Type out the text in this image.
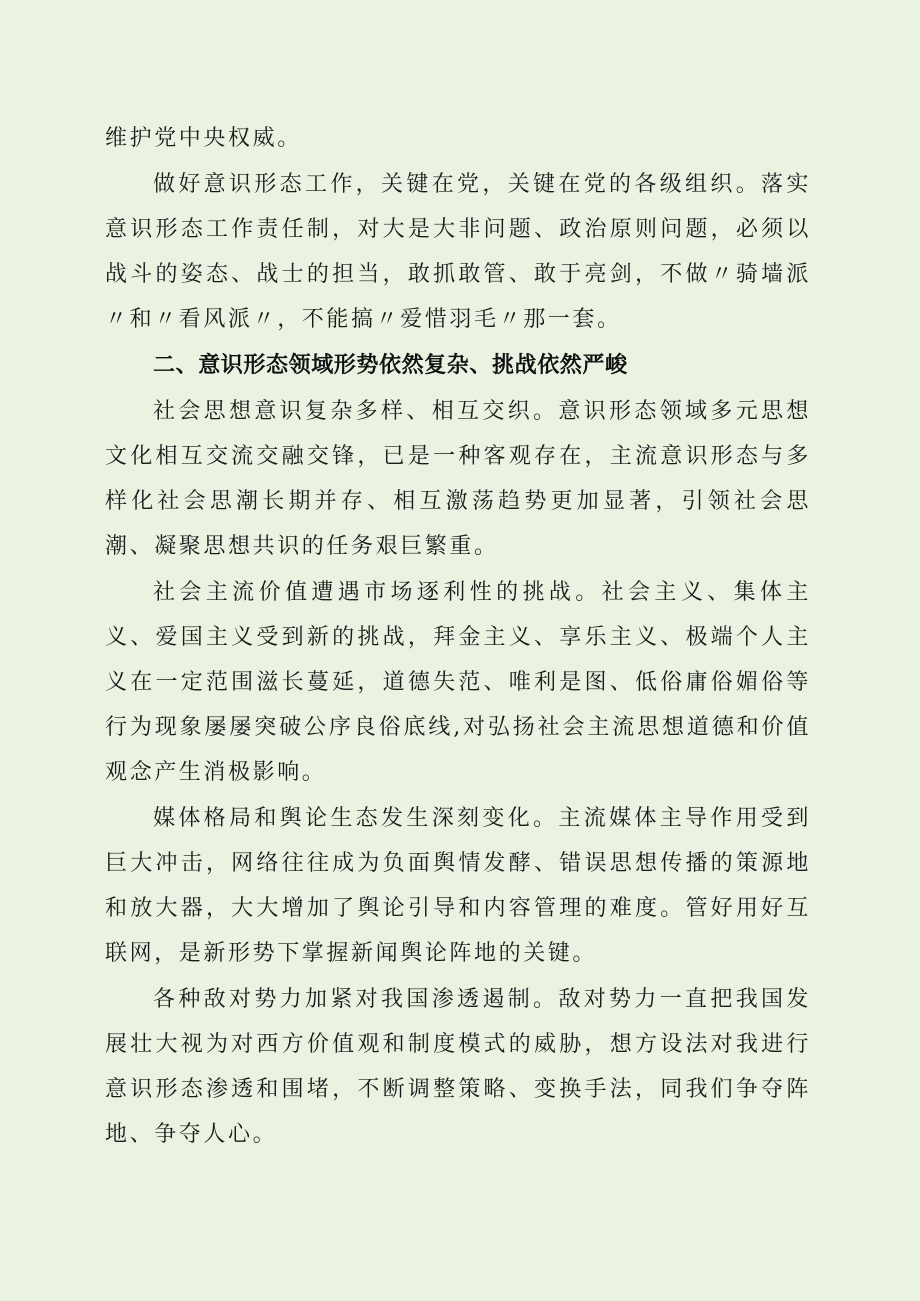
维护党中央权威。

做好意识形态工作，关键在党，关键在党的各级组织。落实意识形态工作责任制，对大是大非问题、政治原则问题，必须以战斗的姿态、战士的担当，敢抓敢管、敢于亮剑，不做〃骑墙派〃和〃看风派〃，不能搞〃爱惜羽毛〃那一套。

二、意识形态领域形势依然复杂、挑战依然严峻

社会思想意识复杂多样、相互交织。意识形态领域多元思想文化相互交流交融交锋，已是一种客观存在，主流意识形态与多样化社会思潮长期并存、相互激荡趋势更加显著，引领社会思潮、凝聚思想共识的任务艰巨繁重。

社会主流价值遭遇市场逐利性的挑战。社会主义、集体主义、爱国主义受到新的挑战，拜金主义、享乐主义、极端个人主义在一定范围滋长蔓延，道德失范、唯利是图、低俗庸俗媚俗等行为现象屡屡突破公序良俗底线,对弘扬社会主流思想道德和价值观念产生消极影响。

媒体格局和舆论生态发生深刻变化。主流媒体主导作用受到巨大冲击，网络往往成为负面舆情发酵、错误思想传播的策源地和放大器，大大增加了舆论引导和内容管理的难度。管好用好互联网，是新形势下掌握新闻舆论阵地的关键。

各种敌对势力加紧对我国渗透遏制。敌对势力一直把我国发展壮大视为对西方价值观和制度模式的威胁，想方设法对我进行意识形态渗透和围堵，不断调整策略、变换手法，同我们争夺阵地、争夺人心。
